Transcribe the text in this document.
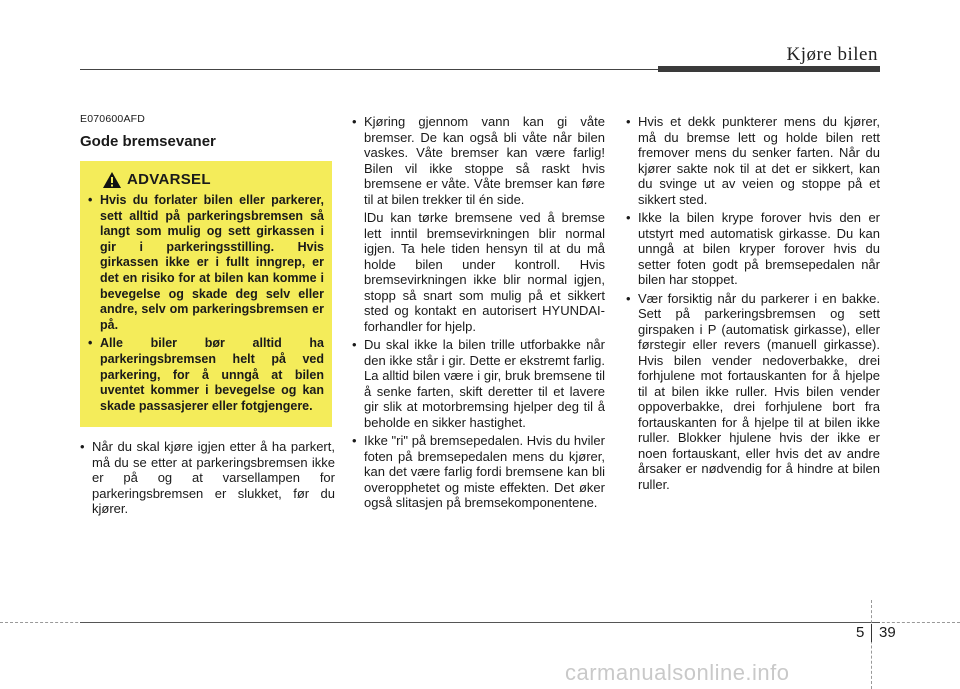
Kjøre bilen
E070600AFD
Gode bremsevaner
ADVARSEL
• Hvis du forlater bilen eller parkerer, sett alltid på parkeringsbremsen så langt som mulig og sett girkassen i gir i parkeringsstilling. Hvis girkassen ikke er i fullt inngrep, er det en risiko for at bilen kan komme i bevegelse og skade deg selv eller andre, selv om parkeringsbremsen er på.
• Alle biler bør alltid ha parkeringsbremsen helt på ved parkering, for å unngå at bilen uventet kommer i bevegelse og kan skade passasjerer eller fotgjengere.
• Når du skal kjøre igjen etter å ha parkert, må du se etter at parkeringsbremsen ikke er på og at varsellampen for parkeringsbremsen er slukket, før du kjører.
• Kjøring gjennom vann kan gi våte bremser. De kan også bli våte når bilen vaskes. Våte bremser kan være farlig! Bilen vil ikke stoppe så raskt hvis bremsene er våte. Våte bremser kan føre til at bilen trekker til én side.
lDu kan tørke bremsene ved å bremse lett inntil bremsevirkningen blir normal igjen. Ta hele tiden hensyn til at du må holde bilen under kontroll. Hvis bremsevirkningen ikke blir normal igjen, stopp så snart som mulig på et sikkert sted og kontakt en autorisert HYUNDAI-forhandler for hjelp.
• Du skal ikke la bilen trille utforbakke når den ikke står i gir. Dette er ekstremt farlig. La alltid bilen være i gir, bruk bremsene til å senke farten, skift deretter til et lavere gir slik at motorbremsing hjelper deg til å beholde en sikker hastighet.
• Ikke "ri" på bremsepedalen. Hvis du hviler foten på bremsepedalen mens du kjører, kan det være farlig fordi bremsene kan bli overopphetet og miste effekten. Det øker også slitasjen på bremsekomponentene.
• Hvis et dekk punkterer mens du kjører, må du bremse lett og holde bilen rett fremover mens du senker farten. Når du kjører sakte nok til at det er sikkert, kan du svinge ut av veien og stoppe på et sikkert sted.
• Ikke la bilen krype forover hvis den er utstyrt med automatisk girkasse. Du kan unngå at bilen kryper forover hvis du setter foten godt på bremsepedalen når bilen har stoppet.
• Vær forsiktig når du parkerer i en bakke. Sett på parkeringsbremsen og sett girspaken i P (automatisk girkasse), eller førstegir eller revers (manuell girkasse). Hvis bilen vender nedoverbakke, drei forhjulene mot fortauskanten for å hjelpe til at bilen ikke ruller. Hvis bilen vender oppoverbakke, drei forhjulene bort fra fortauskanten for å hjelpe til at bilen ikke ruller. Blokker hjulene hvis der ikke er noen fortauskant, eller hvis det av andre årsaker er nødvendig for å hindre at bilen ruller.
5 39
carmanualsonline.info
